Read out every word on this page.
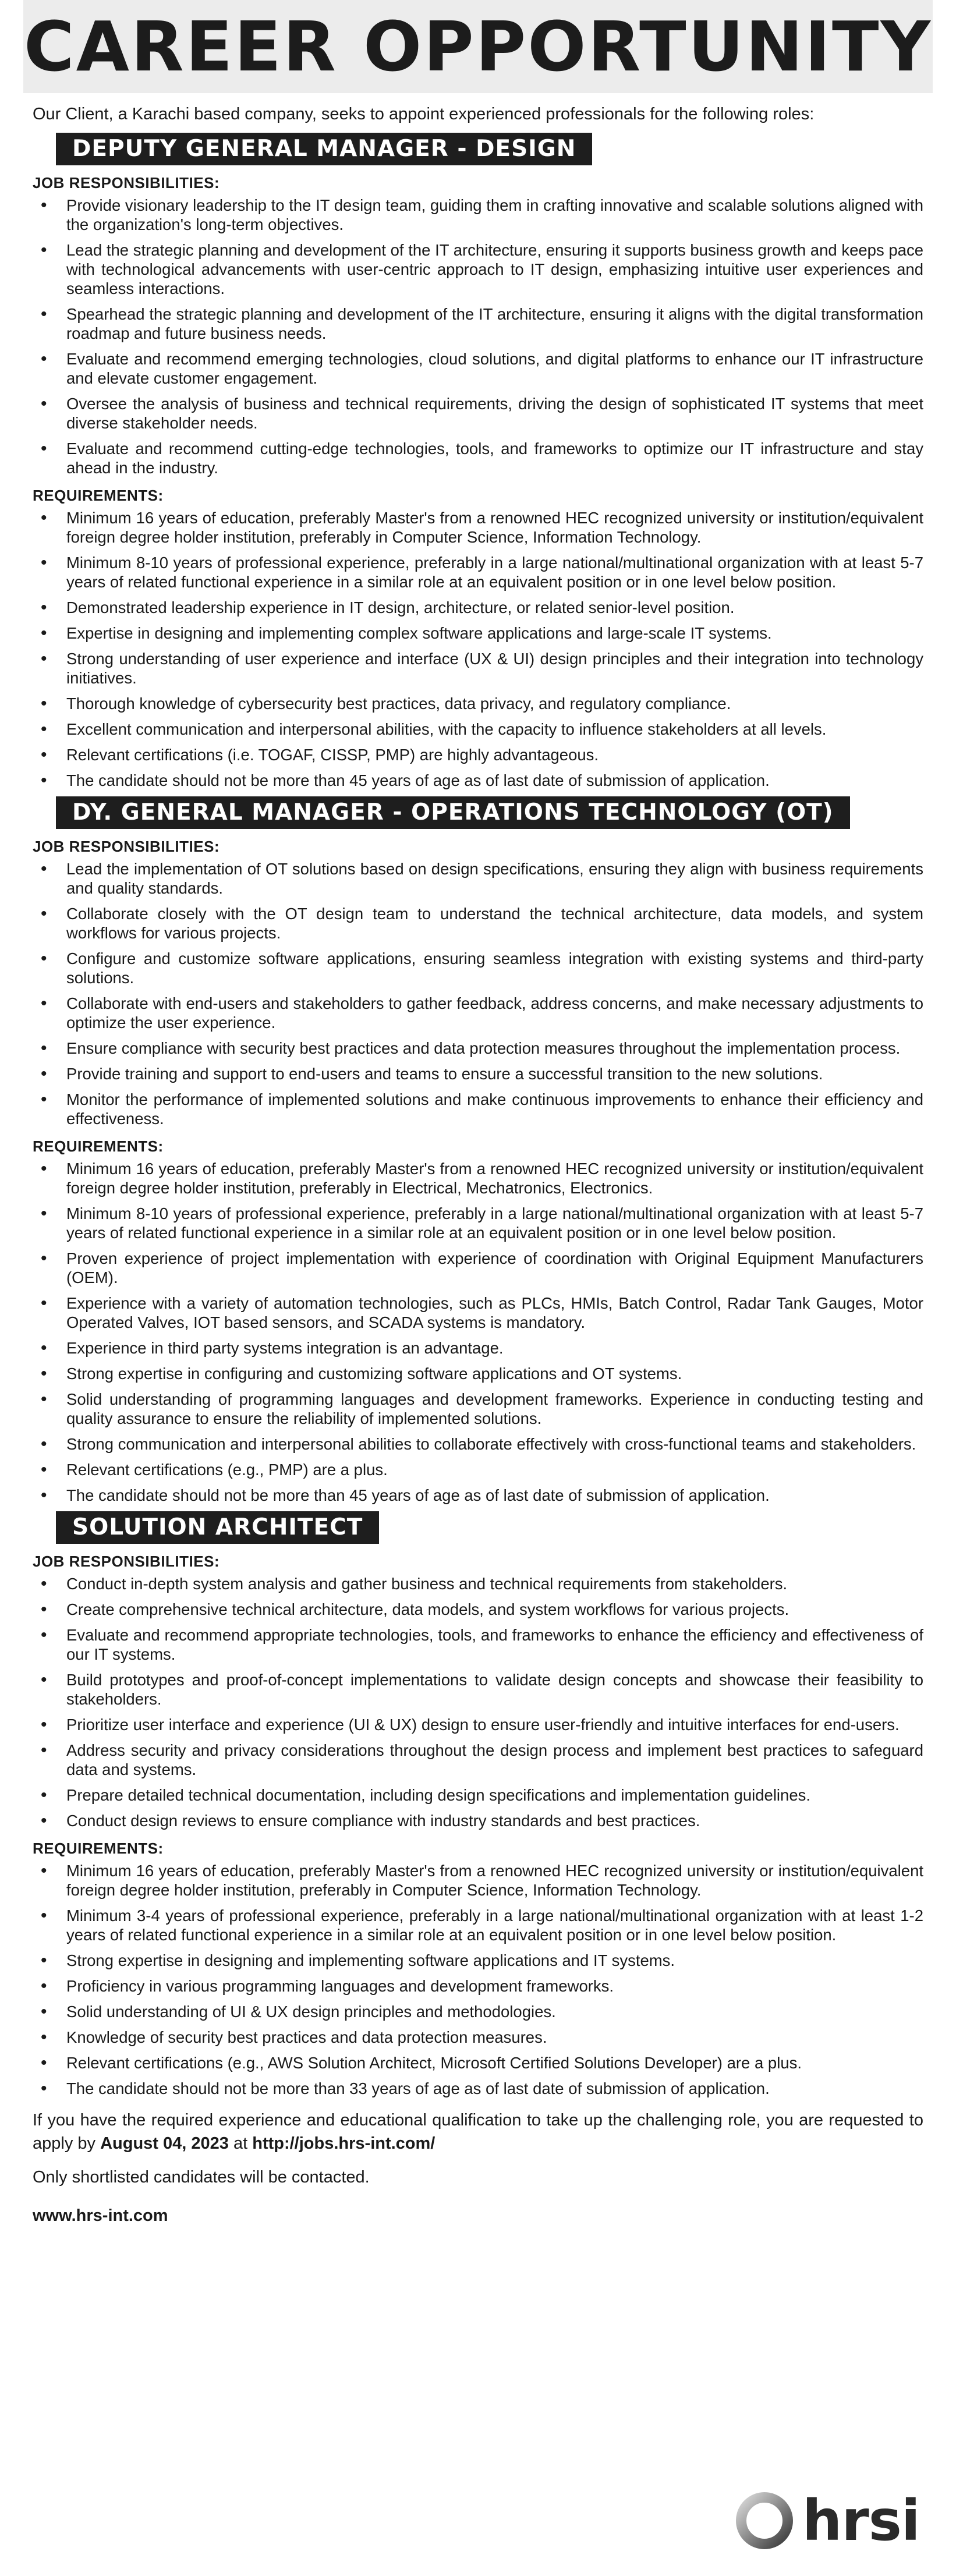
CAREER OPPORTUNITY
Our Client, a Karachi based company, seeks to appoint experienced professionals for the following roles:
DEPUTY GENERAL MANAGER - DESIGN
JOB RESPONSIBILITIES:
• Provide visionary leadership to the IT design team, guiding them in crafting innovative and scalable solutions aligned with the organization's long-term objectives.
• Lead the strategic planning and development of the IT architecture, ensuring it supports business growth and keeps pace with technological advancements with user-centric approach to IT design, emphasizing intuitive user experiences and seamless interactions.
• Spearhead the strategic planning and development of the IT architecture, ensuring it aligns with the digital transformation roadmap and future business needs.
• Evaluate and recommend emerging technologies, cloud solutions, and digital platforms to enhance our IT infrastructure and elevate customer engagement.
• Oversee the analysis of business and technical requirements, driving the design of sophisticated IT systems that meet diverse stakeholder needs.
• Evaluate and recommend cutting-edge technologies, tools, and frameworks to optimize our IT infrastructure and stay ahead in the industry.
REQUIREMENTS:
• Minimum 16 years of education, preferably Master's from a renowned HEC recognized university or institution/equivalent foreign degree holder institution, preferably in Computer Science, Information Technology.
• Minimum 8-10 years of professional experience, preferably in a large national/multinational organization with at least 5-7 years of related functional experience in a similar role at an equivalent position or in one level below position.
• Demonstrated leadership experience in IT design, architecture, or related senior-level position.
• Expertise in designing and implementing complex software applications and large-scale IT systems.
• Strong understanding of user experience and interface (UX & UI) design principles and their integration into technology initiatives.
• Thorough knowledge of cybersecurity best practices, data privacy, and regulatory compliance.
• Excellent communication and interpersonal abilities, with the capacity to influence stakeholders at all levels.
• Relevant certifications (i.e. TOGAF, CISSP, PMP) are highly advantageous.
• The candidate should not be more than 45 years of age as of last date of submission of application.
DY. GENERAL MANAGER - OPERATIONS TECHNOLOGY (OT)
JOB RESPONSIBILITIES:
• Lead the implementation of OT solutions based on design specifications, ensuring they align with business requirements and quality standards.
• Collaborate closely with the OT design team to understand the technical architecture, data models, and system workflows for various projects.
• Configure and customize software applications, ensuring seamless integration with existing systems and third-party solutions.
• Collaborate with end-users and stakeholders to gather feedback, address concerns, and make necessary adjustments to optimize the user experience.
• Ensure compliance with security best practices and data protection measures throughout the implementation process.
• Provide training and support to end-users and teams to ensure a successful transition to the new solutions.
• Monitor the performance of implemented solutions and make continuous improvements to enhance their efficiency and effectiveness.
REQUIREMENTS:
• Minimum 16 years of education, preferably Master's from a renowned HEC recognized university or institution/equivalent foreign degree holder institution, preferably in Electrical, Mechatronics, Electronics.
• Minimum 8-10 years of professional experience, preferably in a large national/multinational organization with at least 5-7 years of related functional experience in a similar role at an equivalent position or in one level below position.
• Proven experience of project implementation with experience of coordination with Original Equipment Manufacturers (OEM).
• Experience with a variety of automation technologies, such as PLCs, HMIs, Batch Control, Radar Tank Gauges, Motor Operated Valves, IOT based sensors, and SCADA systems is mandatory.
• Experience in third party systems integration is an advantage.
• Strong expertise in configuring and customizing software applications and OT systems.
• Solid understanding of programming languages and development frameworks. Experience in conducting testing and quality assurance to ensure the reliability of implemented solutions.
• Strong communication and interpersonal abilities to collaborate effectively with cross-functional teams and stakeholders.
• Relevant certifications (e.g., PMP) are a plus.
• The candidate should not be more than 45 years of age as of last date of submission of application.
SOLUTION ARCHITECT
JOB RESPONSIBILITIES:
• Conduct in-depth system analysis and gather business and technical requirements from stakeholders.
• Create comprehensive technical architecture, data models, and system workflows for various projects.
• Evaluate and recommend appropriate technologies, tools, and frameworks to enhance the efficiency and effectiveness of our IT systems.
• Build prototypes and proof-of-concept implementations to validate design concepts and showcase their feasibility to stakeholders.
• Prioritize user interface and experience (UI & UX) design to ensure user-friendly and intuitive interfaces for end-users.
• Address security and privacy considerations throughout the design process and implement best practices to safeguard data and systems.
• Prepare detailed technical documentation, including design specifications and implementation guidelines.
• Conduct design reviews to ensure compliance with industry standards and best practices.
REQUIREMENTS:
• Minimum 16 years of education, preferably Master's from a renowned HEC recognized university or institution/equivalent foreign degree holder institution, preferably in Computer Science, Information Technology.
• Minimum 3-4 years of professional experience, preferably in a large national/multinational organization with at least 1-2 years of related functional experience in a similar role at an equivalent position or in one level below position.
• Strong expertise in designing and implementing software applications and IT systems.
• Proficiency in various programming languages and development frameworks.
• Solid understanding of UI & UX design principles and methodologies.
• Knowledge of security best practices and data protection measures.
• Relevant certifications (e.g., AWS Solution Architect, Microsoft Certified Solutions Developer) are a plus.
• The candidate should not be more than 33 years of age as of last date of submission of application.
If you have the required experience and educational qualification to take up the challenging role, you are requested to apply by August 04, 2023 at http://jobs.hrs-int.com/
Only shortlisted candidates will be contacted.
www.hrs-int.com
hrsi
